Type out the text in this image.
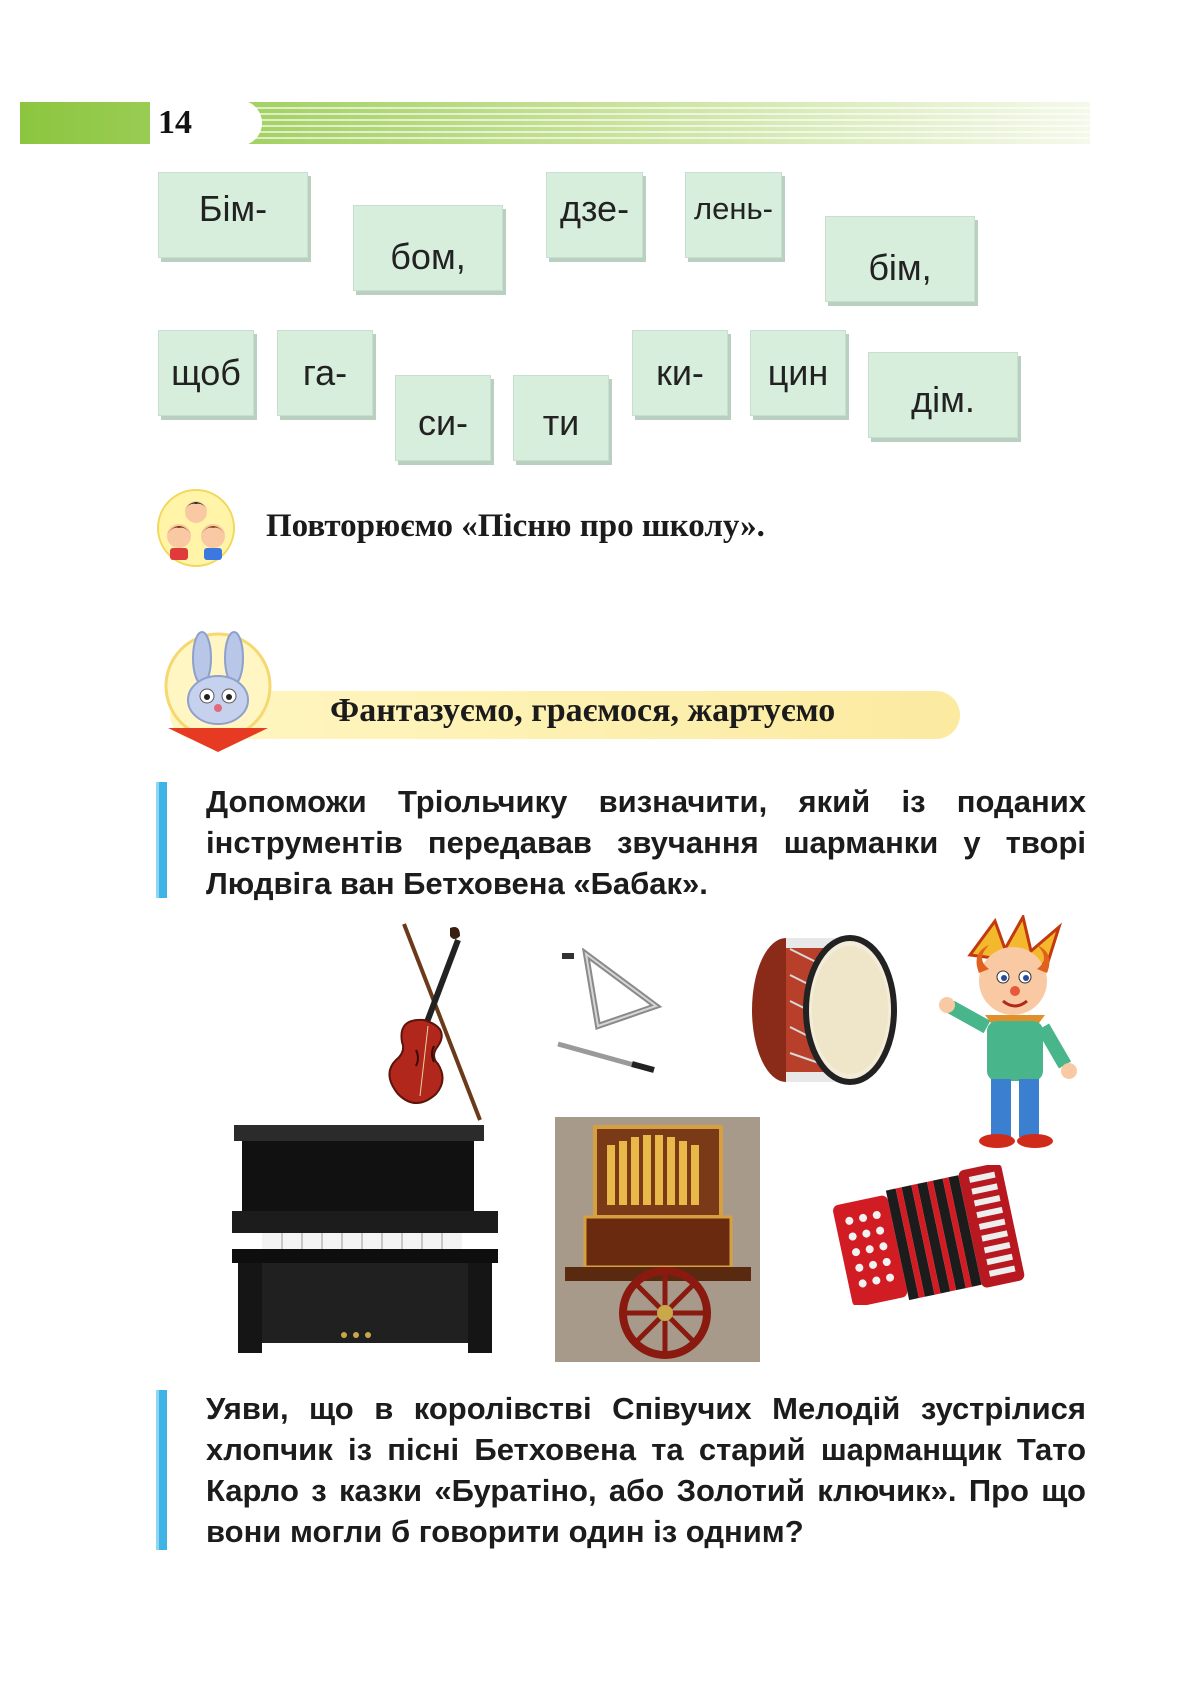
14
Бім-
бом,
дзе-	лень-
бім,
щоб	га-
си-	ти
ки-	цин
дім.
Повторюємо «Пісню про школу».
Фантазуємо, граємося, жартуємо
Допоможи Тріольчику визначити, який із поданих інструментів передавав звучання шарманки у творі Людвіга ван Бетховена «Бабак».
Уяви, що в королівстві Співучих Мелодій зустрілися хлопчик із пісні Бетховена та старий шарманщик Тато Карло з казки «Буратіно, або Золотий ключик». Про що вони могли б говорити один із одним?
